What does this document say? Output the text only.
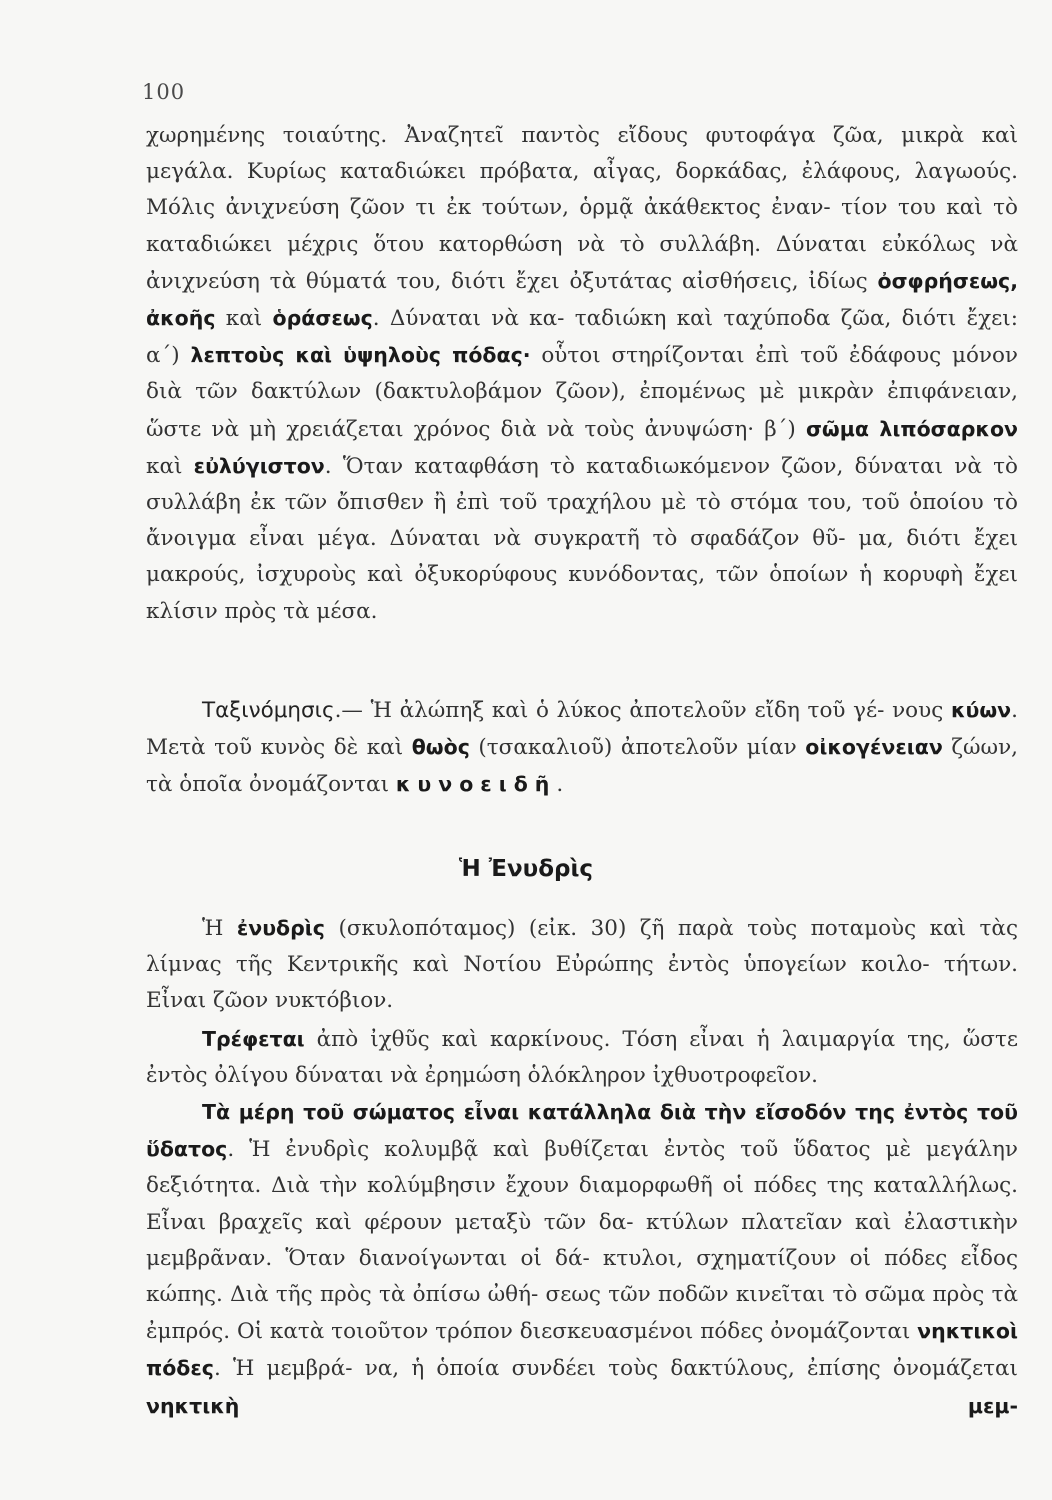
100

χωρημένης τοιαύτης. Ἀναζητεῖ παντὸς εἴδους φυτοφάγα ζῶα, μικρὰ καὶ μεγάλα. Κυρίως καταδιώκει πρόβατα, αἶγας, δορκάδας, ἐλάφους, λαγωούς. Μόλις ἀνιχνεύση ζῶον τι ἐκ τούτων, ὁρμᾷ ἀκάθεκτος ἐναν- τίον του καὶ τὸ καταδιώκει μέχρις ὅτου κατορθώση νὰ τὸ συλλάβη. Δύναται εὐκόλως νὰ ἀνιχνεύση τὰ θύματά του, διότι ἔχει ὀξυτάτας αἰσθήσεις, ἰδίως ὀσφρήσεως, ἀκοῆς καὶ ὁράσεως. Δύναται νὰ κα- ταδιώκη καὶ ταχύποδα ζῶα, διότι ἔχει: α΄) λεπτοὺς καὶ ὑψηλοὺς πόδας· οὗτοι στηρίζονται ἐπὶ τοῦ ἐδάφους μόνον διὰ τῶν δακτύλων (δακτυλοβάμον ζῶον), ἐπομένως μὲ μικρὰν ἐπιφάνειαν, ὥστε νὰ μὴ χρειάζεται χρόνος διὰ νὰ τοὺς ἀνυψώση· β΄) σῶμα λιπόσαρκον καὶ εὐλύγιστον. Ὅταν καταφθάση τὸ καταδιωκόμενον ζῶον, δύναται νὰ τὸ συλλάβη ἐκ τῶν ὄπισθεν ἢ ἐπὶ τοῦ τραχήλου μὲ τὸ στόμα του, τοῦ ὁποίου τὸ ἄνοιγμα εἶναι μέγα. Δύναται νὰ συγκρατῆ τὸ σφαδάζον θῦ- μα, διότι ἔχει μακρούς, ἰσχυροὺς καὶ ὀξυκορύφους κυνόδοντας, τῶν ὁποίων ἡ κορυφὴ ἔχει κλίσιν πρὸς τὰ μέσα.

Ταξινόμησις.— Ἡ ἀλώπηξ καὶ ὁ λύκος ἀποτελοῦν εἴδη τοῦ γέ- νους κύων. Μετὰ τοῦ κυνὸς δὲ καὶ θωὸς (τσακαλιοῦ) ἀποτελοῦν μίαν οἰκογένειαν ζώων, τὰ ὁποῖα ὀνομάζονται κυνοειδῆ.

Ἡ Ἐνυδρὶς

Ἡ ἐνυδρὶς (σκυλοπόταμος) (εἰκ. 30) ζῆ παρὰ τοὺς ποταμοὺς καὶ τὰς λίμνας τῆς Κεντρικῆς καὶ Νοτίου Εὐρώπης ἐντὸς ὑπογείων κοιλο- τήτων. Εἶναι ζῶον νυκτόβιον.

Τρέφεται ἀπὸ ἰχθῦς καὶ καρκίνους. Τόση εἶναι ἡ λαιμαργία της, ὥστε ἐντὸς ὀλίγου δύναται νὰ ἐρημώση ὁλόκληρον ἰχθυοτροφεῖον.

Τὰ μέρη τοῦ σώματος εἶναι κατάλληλα διὰ τὴν εἴσοδόν της ἐντὸς τοῦ ὕδατος. Ἡ ἐνυδρὶς κολυμβᾷ καὶ βυθίζεται ἐντὸς τοῦ ὕδατος μὲ μεγάλην δεξιότητα. Διὰ τὴν κολύμβησιν ἔχουν διαμορφωθῆ οἱ πόδες της καταλλήλως. Εἶναι βραχεῖς καὶ φέρουν μεταξὺ τῶν δα- κτύλων πλατεῖαν καὶ ἐλαστικὴν μεμβρᾶναν. Ὅταν διανοίγωνται οἱ δά- κτυλοι, σχηματίζουν οἱ πόδες εἶδος κώπης. Διὰ τῆς πρὸς τὰ ὀπίσω ὠθή- σεως τῶν ποδῶν κινεῖται τὸ σῶμα πρὸς τὰ ἐμπρός. Οἱ κατὰ τοιοῦτον τρόπον διεσκευασμένοι πόδες ὀνομάζονται νηκτικοὶ πόδες. Ἡ μεμβρά- να, ἡ ὁποία συνδέει τοὺς δακτύλους, ἐπίσης ὀνομάζεται νηκτικὴ μεμ-
